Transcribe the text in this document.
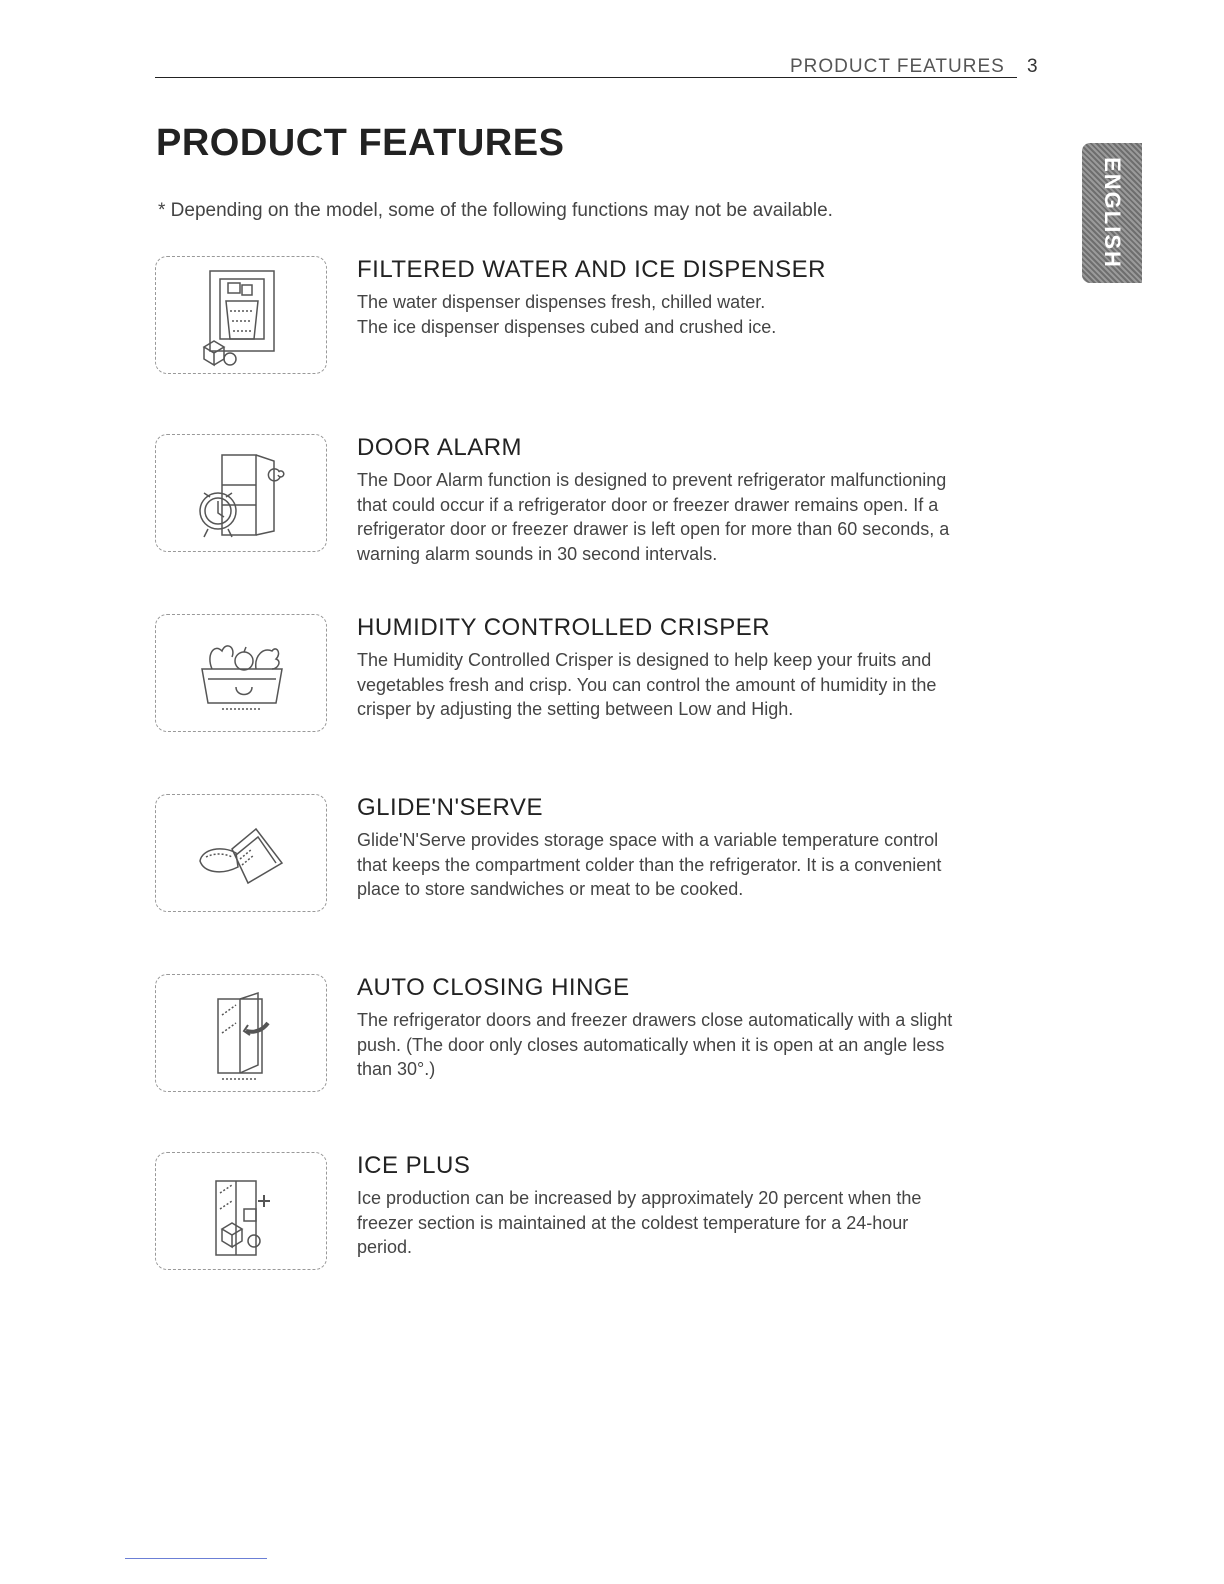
PRODUCT FEATURES 3
PRODUCT FEATURES
* Depending on the model, some of the following functions may not be available.	ENGLISH
FILTERED WATER AND ICE DISPENSER
The water dispenser dispenses fresh, chilled water.
The ice dispenser dispenses cubed and crushed ice.
DOOR ALARM
The Door Alarm function is designed to prevent refrigerator malfunctioning
that could occur if a refrigerator door or freezer drawer remains open. If a
refrigerator door or freezer drawer is left open for more than 60 seconds, a
warning alarm sounds in 30 second intervals.
HUMIDITY CONTROLLED CRISPER
The Humidity Controlled Crisper is designed to help keep your fruits and
vegetables fresh and crisp. You can control the amount of humidity in the
crisper by adjusting the setting between Low and High.
GLIDE'N'SERVE
Glide'N'Serve provides storage space with a variable temperature control
that keeps the compartment colder than the refrigerator. It is a convenient
place to store sandwiches or meat to be cooked.
AUTO CLOSING HINGE
The refrigerator doors and freezer drawers close automatically with a slight
push. (The door only closes automatically when it is open at an angle less
than 30°.)
ICE PLUS
Ice production can be increased by approximately 20 percent when the
freezer section is maintained at the coldest temperature for a 24-hour
period.
